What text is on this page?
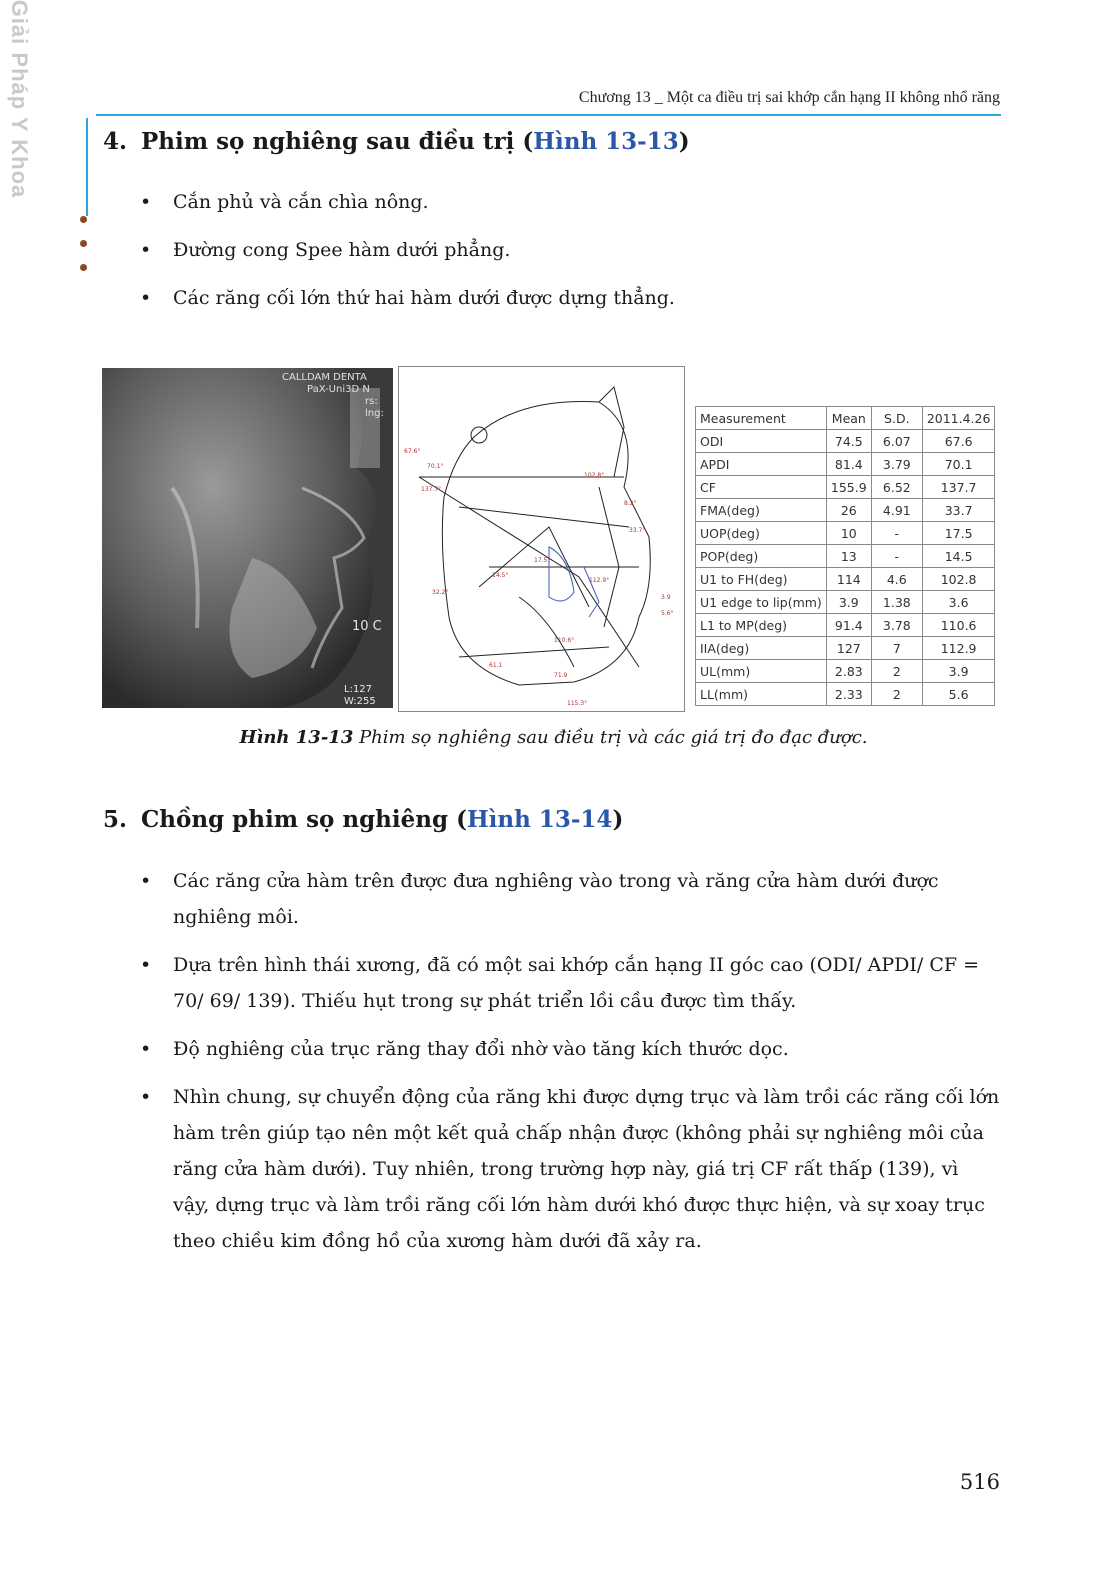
Giải Pháp Y Khoa	Chương 13 _ Một ca điều trị sai khớp cắn hạng II không nhổ răng
4. Phim sọ nghiêng sau điều trị (Hình 13-13)
• Cắn phủ và cắn chìa nông.
• Đường cong Spee hàm dưới phẳng.
• Các răng cối lớn thứ hai hàm dưới được dựng thẳng.
CALLDAM DENTA
PaX-Uni3D N
rs:
lng:
10 C
L:127
W:255
67.6°
70.1°
137.7°
102.8°
8.2°
14.5°
17.5°
33.7°
112.9°
110.6°
3.9
5.6°
61.1
71.9
32.2°
115.3°
Measurement	Mean	S.D.	2011.4.26
ODI	74.5	6.07	67.6
APDI	81.4	3.79	70.1
CF	155.9	6.52	137.7
FMA(deg)	26	4.91	33.7
UOP(deg)	10	-	17.5
POP(deg)	13	-	14.5
U1 to FH(deg)	114	4.6	102.8
U1 edge to lip(mm)	3.9	1.38	3.6
L1 to MP(deg)	91.4	3.78	110.6
IIA(deg)	127	7	112.9
UL(mm)	2.83	2	3.9
LL(mm)	2.33	2	5.6
Hình 13-13 Phim sọ nghiêng sau điều trị và các giá trị đo đạc được.
5. Chồng phim sọ nghiêng (Hình 13-14)
• Các răng cửa hàm trên được đưa nghiêng vào trong và răng cửa hàm dưới được nghiêng môi.
• Dựa trên hình thái xương, đã có một sai khớp cắn hạng II góc cao (ODI/ APDI/ CF = 70/ 69/ 139). Thiếu hụt trong sự phát triển lồi cầu được tìm thấy.
• Độ nghiêng của trục răng thay đổi nhờ vào tăng kích thước dọc.
• Nhìn chung, sự chuyển động của răng khi được dựng trục và làm trồi các răng cối lớn hàm trên giúp tạo nên một kết quả chấp nhận được (không phải sự nghiêng môi của răng cửa hàm dưới). Tuy nhiên, trong trường hợp này, giá trị CF rất thấp (139), vì vậy, dựng trục và làm trồi răng cối lớn hàm dưới khó được thực hiện, và sự xoay trục theo chiều kim đồng hồ của xương hàm dưới đã xảy ra.
516
